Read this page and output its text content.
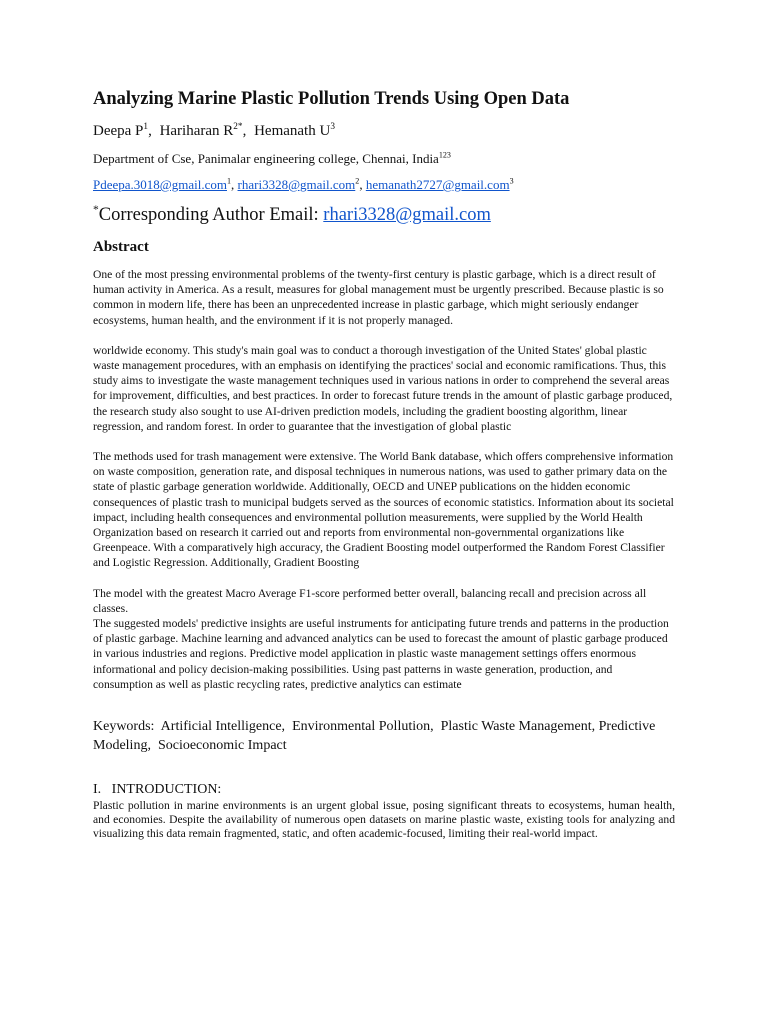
Analyzing Marine Plastic Pollution Trends Using Open Data
Deepa $P^1$, Hariharan $R^{2*}$, Hemanath $U^3$
Department of Cse, Panimalar engineering college, Chennai, India$^{123}$
Pdeepa.3018@gmail.com$^1$, rhari3328@gmail.com$^2$, hemanath2727@gmail.com$^3$
*Corresponding Author Email: rhari3328@gmail.com
Abstract

One of the most pressing environmental problems of the twenty-first century is plastic garbage, which is a direct result of human activity in America. As a result, measures for global management must be urgently prescribed. Because plastic is so common in modern life, there has been an unprecedented increase in plastic garbage, which might seriously endanger ecosystems, human health, and the environment if it is not properly managed.

worldwide economy. This study's main goal was to conduct a thorough investigation of the United States' global plastic waste management procedures, with an emphasis on identifying the practices' social and economic ramifications. Thus, this study aims to investigate the waste management techniques used in various nations in order to comprehend the several areas for improvement, difficulties, and best practices. In order to forecast future trends in the amount of plastic garbage produced, the research study also sought to use AI-driven prediction models, including the gradient boosting algorithm, linear regression, and random forest. In order to guarantee that the investigation of global plastic

The methods used for trash management were extensive. The World Bank database, which offers comprehensive information on waste composition, generation rate, and disposal techniques in numerous nations, was used to gather primary data on the state of plastic garbage generation worldwide. Additionally, OECD and UNEP publications on the hidden economic consequences of plastic trash to municipal budgets served as the sources of economic statistics. Information about its societal impact, including health consequences and environmental pollution measurements, were supplied by the World Health Organization based on research it carried out and reports from environmental non-governmental organizations like Greenpeace. With a comparatively high accuracy, the Gradient Boosting model outperformed the Random Forest Classifier and Logistic Regression. Additionally, Gradient Boosting

The model with the greatest Macro Average F1-score performed better overall, balancing recall and precision across all classes.

The suggested models' predictive insights are useful instruments for anticipating future trends and patterns in the production of plastic garbage. Machine learning and advanced analytics can be used to forecast the amount of plastic garbage produced in various industries and regions. Predictive model application in plastic waste management settings offers enormous informational and policy decision-making possibilities. Using past patterns in waste generation, production, and consumption as well as plastic recycling rates, predictive analytics can estimate

Keywords: Artificial Intelligence, Environmental Pollution, Plastic Waste Management, Predictive Modeling, Socioeconomic Impact
I.   INTRODUCTION:

Plastic pollution in marine environments is an urgent global issue, posing significant threats to ecosystems, human health, and economies. Despite the availability of numerous open datasets on marine plastic waste, existing tools for analyzing and visualizing this data remain fragmented, static, and often academic-focused, limiting their real-world impact.
